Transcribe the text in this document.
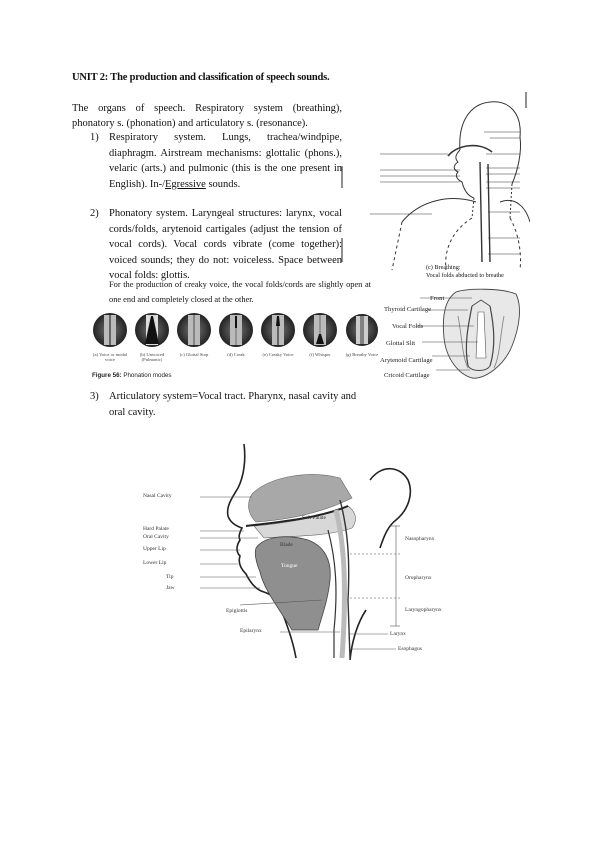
UNIT 2: The production and classification of speech sounds.
The organs of speech. Respiratory system (breathing), phonatory s. (phonation) and articulatory s. (resonance).
1) Respiratory system. Lungs, trachea/windpipe, diaphragm. Airstream mechanisms: glottalic (phons.), velaric (arts.) and pulmonic (this is the one present in English). In-/Egressive sounds.
2) Phonatory system. Laryngeal structures: larynx, vocal cords/folds, arytenoid cartigales (adjust the tension of vocal cords). Vocal cords vibrate (come together): voiced sounds; they do not: voiceless. Space between vocal folds: glottis.
For the production of creaky voice, the vocal folds/cords are slightly open at one end and completely closed at the other.
(a) Voice or modal voice
(b) Unvoiced (Pulmonic)
(c) Glottal Stop	(d) Creak	(e) Creaky Voice	(f) Whisper	(g) Breathy Voice
Figure 56: Phonation modes
3) Articulatory system=Vocal tract. Pharynx, nasal cavity and oral cavity.
(c) Breathing:
Vocal folds abducted to breathe
Front
Thyroid Cartilage
Vocal Folds
Glottal Slit
Arytenoid Cartilage
Cricoid Cartilage
Nasal Cavity
Hard Palate
Oral Cavity
Upper Lip
Lower Lip
Tip
Jaw
Epiglottis
Epilarynx
Soft Palate
Blade
Tongue
Nasopharynx
Oropharynx
Laryngopharynx
Larynx
Esophagus
